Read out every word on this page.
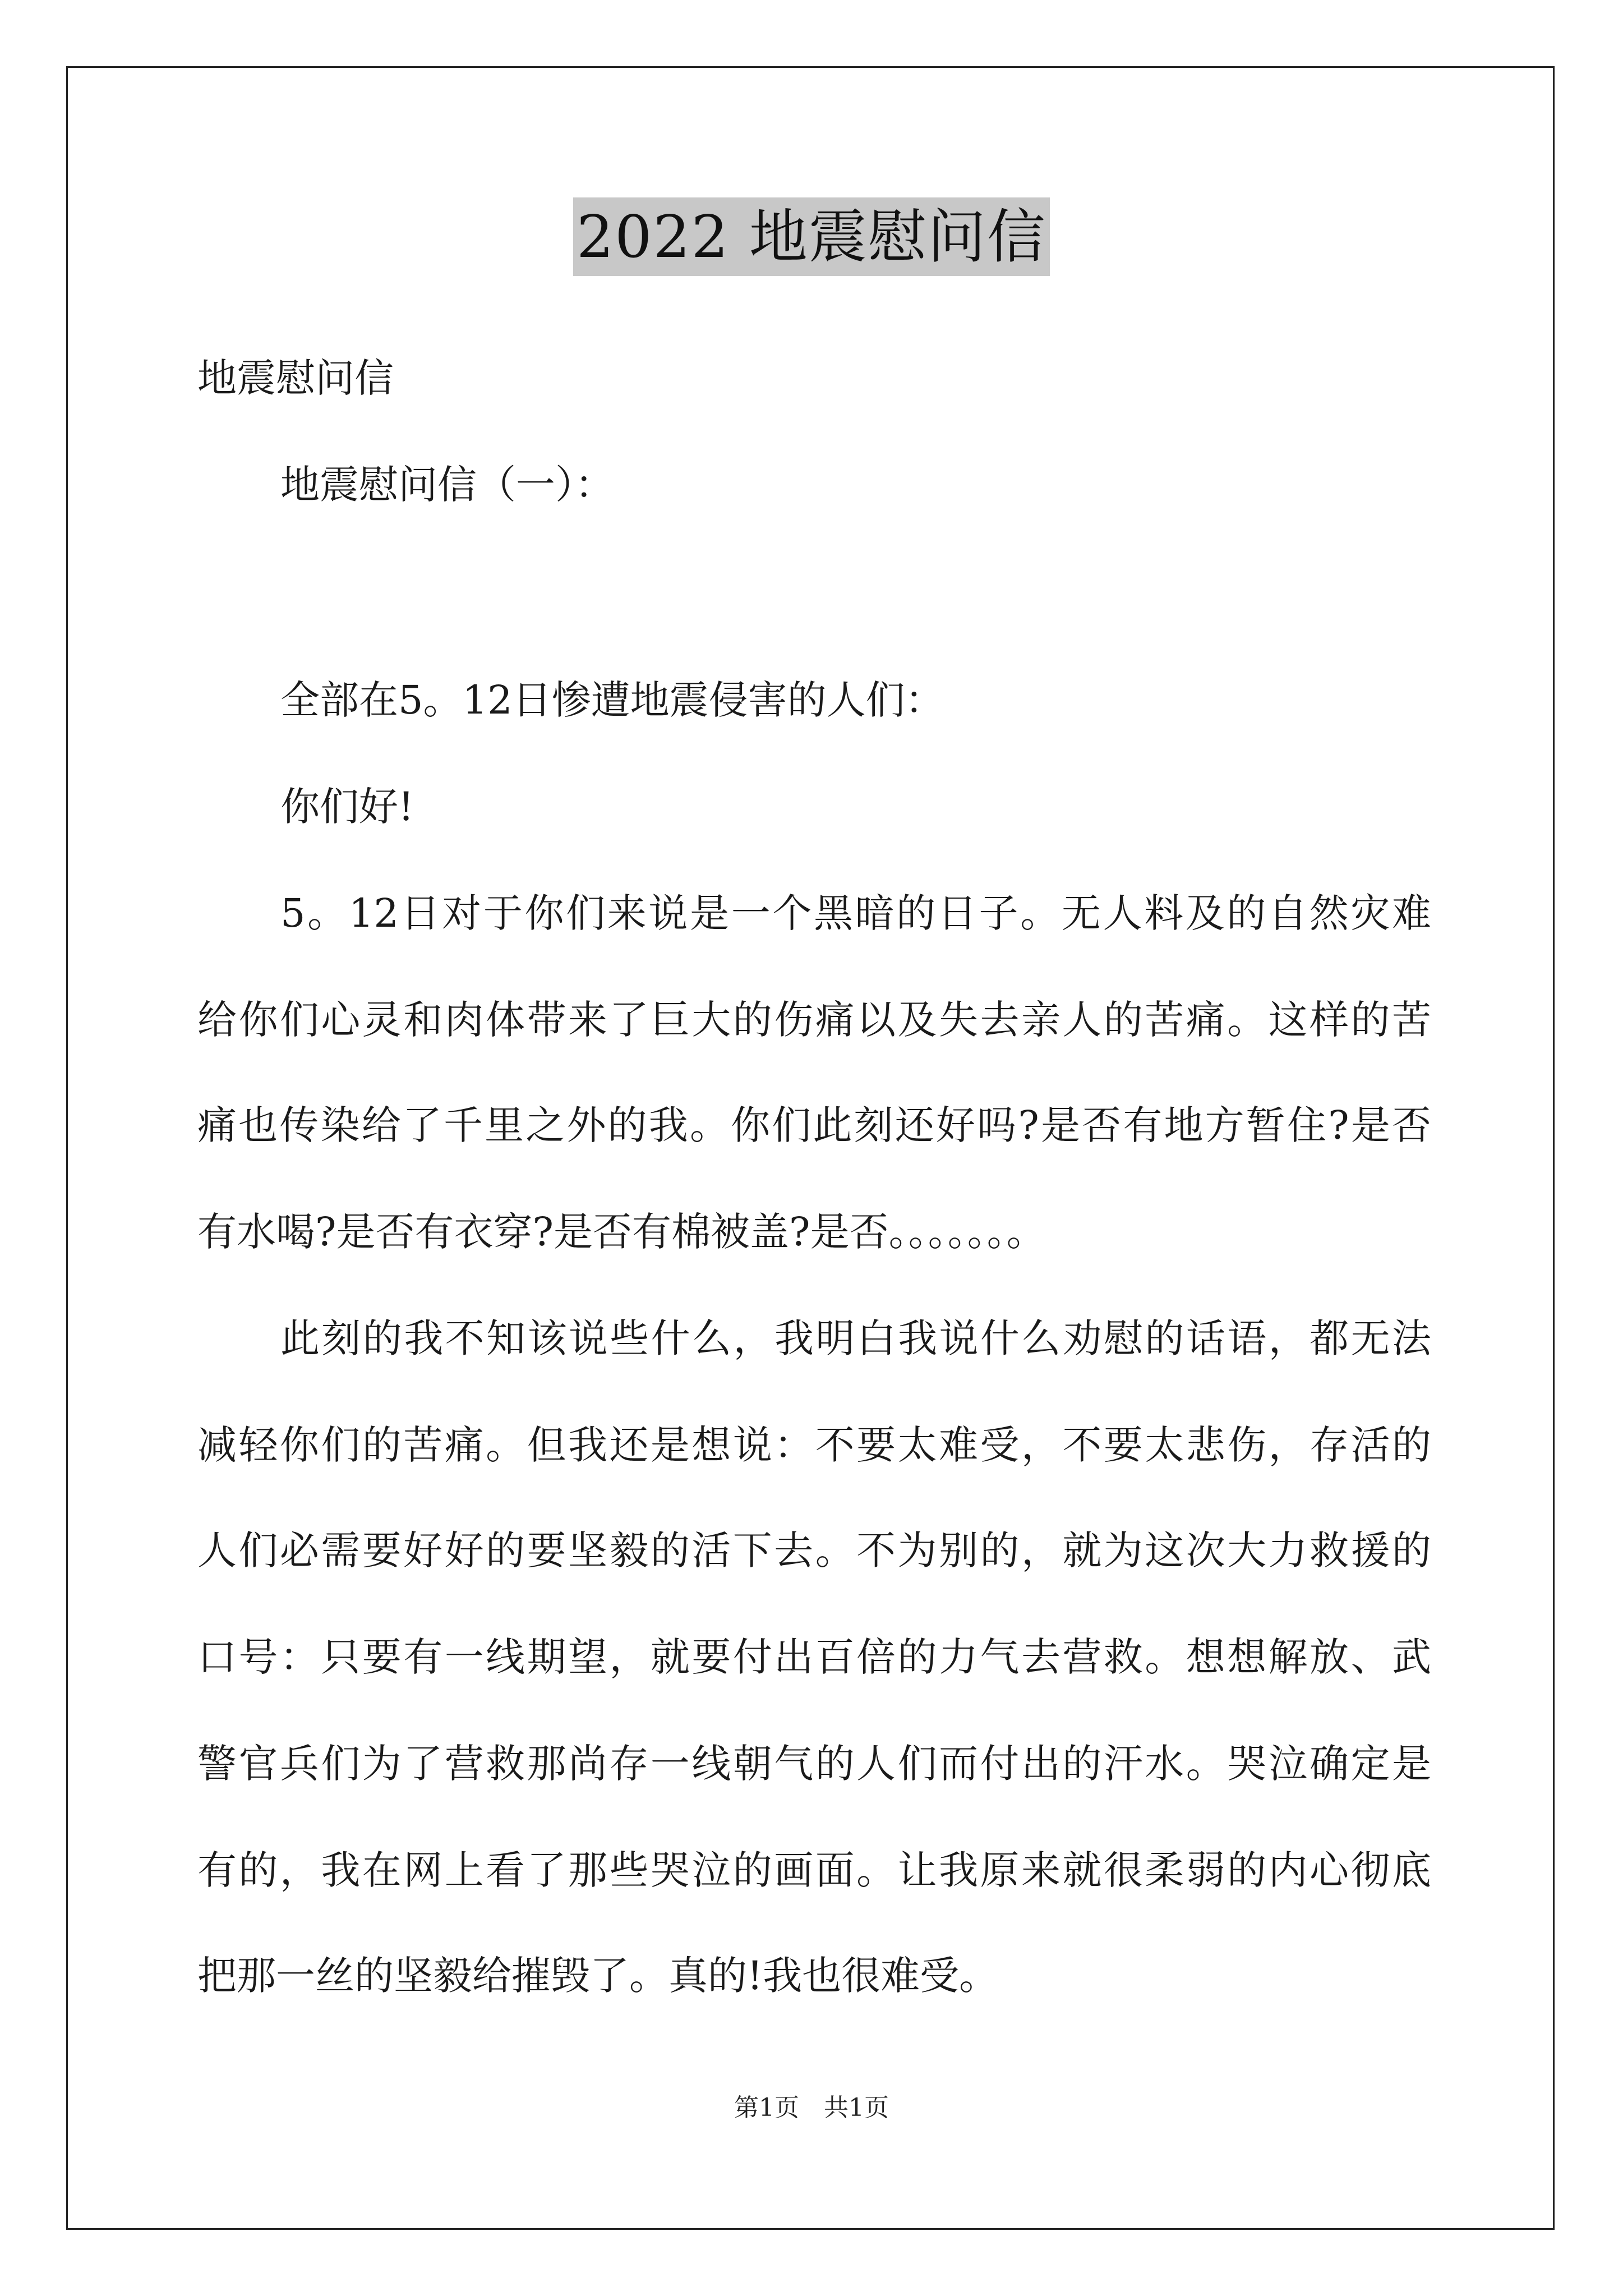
2022 地震慰问信
地震慰问信
地震慰问信（一）：
全部在5。12日惨遭地震侵害的人们：
你们好!
5。12日对于你们来说是一个黑暗的日子。无人料及的自然灾难
给你们心灵和肉体带来了巨大的伤痛以及失去亲人的苦痛。这样的苦
痛也传染给了千里之外的我。你们此刻还好吗?是否有地方暂住?是否
有水喝?是否有衣穿?是否有棉被盖?是否。。。。。。。
此刻的我不知该说些什么，我明白我说什么劝慰的话语，都无法
减轻你们的苦痛。但我还是想说：不要太难受，不要太悲伤，存活的
人们必需要好好的要坚毅的活下去。不为别的，就为这次大力救援的
口号：只要有一线期望，就要付出百倍的力气去营救。想想解放、武
警官兵们为了营救那尚存一线朝气的人们而付出的汗水。哭泣确定是
有的，我在网上看了那些哭泣的画面。让我原来就很柔弱的内心彻底
把那一丝的坚毅给摧毁了。真的!我也很难受。
第1页　共1页
